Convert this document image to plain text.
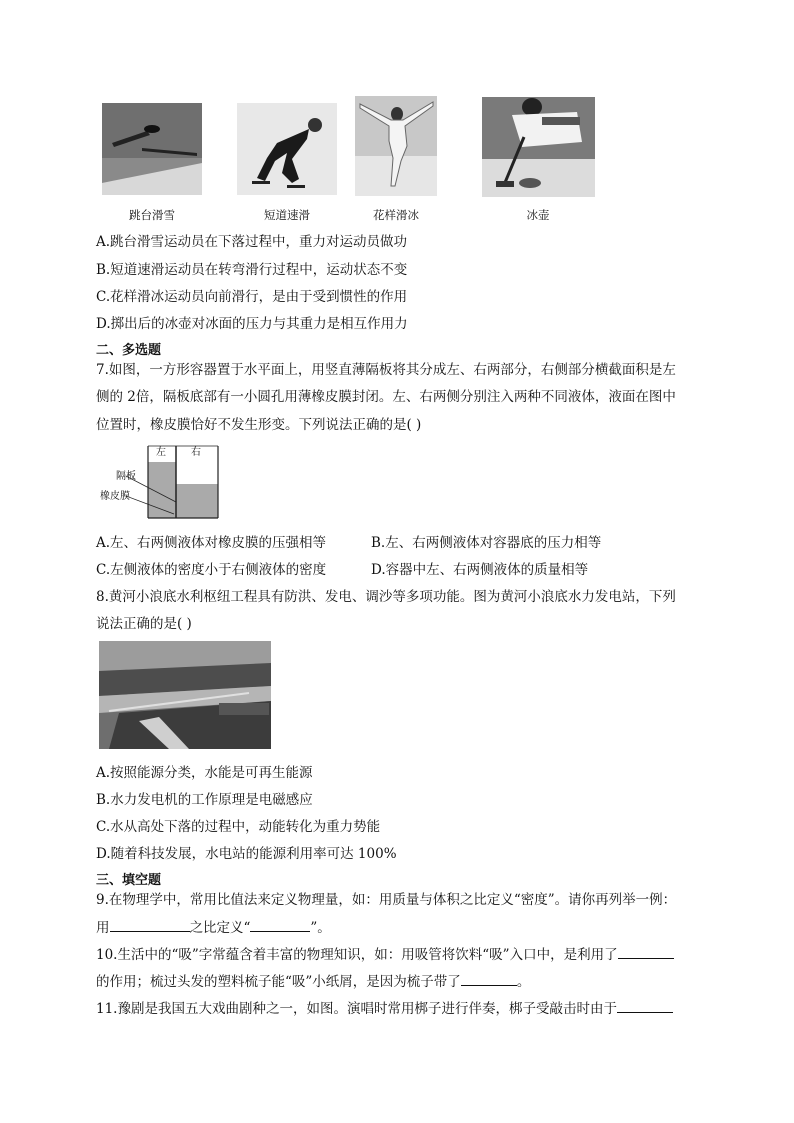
跳台滑雪	短道速滑	花样滑冰	冰壶
A.跳台滑雪运动员在下落过程中，重力对运动员做功
B.短道速滑运动员在转弯滑行过程中，运动状态不变
C.花样滑冰运动员向前滑行，是由于受到惯性的作用
D.掷出后的冰壶对冰面的压力与其重力是相互作用力
二、多选题
7.如图，一方形容器置于水平面上，用竖直薄隔板将其分成左、右两部分，右侧部分横截面积是左
侧的 2倍，隔板底部有一小圆孔用薄橡皮膜封闭。左、右两侧分别注入两种不同液体，液面在图中
位置时，橡皮膜恰好不发生形变。下列说法正确的是( )
左	右
隔板
橡皮膜
A.左、右两侧液体对橡皮膜的压强相等	B.左、右两侧液体对容器底的压力相等
C.左侧液体的密度小于右侧液体的密度	D.容器中左、右两侧液体的质量相等
8.黄河小浪底水利枢纽工程具有防洪、发电、调沙等多项功能。图为黄河小浪底水力发电站，下列
说法正确的是( )
A.按照能源分类，水能是可再生能源
B.水力发电机的工作原理是电磁感应
C.水从高处下落的过程中，动能转化为重力势能
D.随着科技发展，水电站的能源利用率可达 100%
三、填空题
9.在物理学中，常用比值法来定义物理量，如：用质量与体积之比定义“密度”。请你再列举一例：
用	之比定义“	”。
10.生活中的“吸”字常蕴含着丰富的物理知识，如：用吸管将饮料“吸”入口中，是利用了
的作用；梳过头发的塑料梳子能“吸”小纸屑，是因为梳子带了	。
11.豫剧是我国五大戏曲剧种之一，如图。演唱时常用梆子进行伴奏，梆子受敲击时由于
